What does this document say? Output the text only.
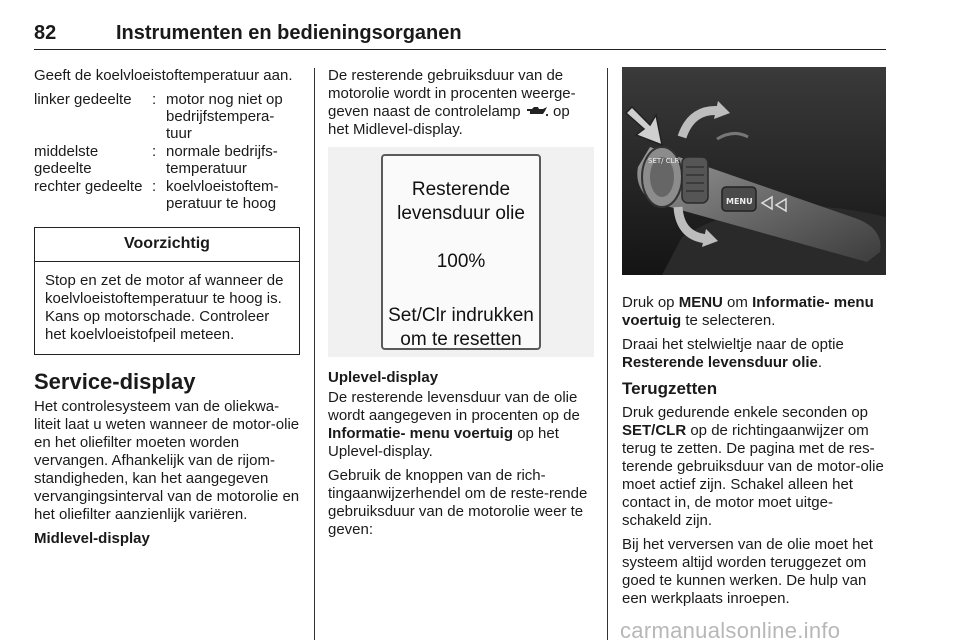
82	Instrumenten en bedieningsorganen

Geeft de koelvloeistoftemperatuur aan.

linker gedeelte	:	motor nog niet op bedrijfstempera-tuur
middelste gedeelte	:	normale bedrijfs-temperatuur
rechter gedeelte	:	koelvloeistoftem-peratuur te hoog
Voorzichtig
Stop en zet de motor af wanneer de koelvloeistoftemperatuur te hoog is. Kans op motorschade. Controleer het koelvloeistofpeil meteen.
Service-display

Het controlesysteem van de oliekwa-liteit laat u weten wanneer de motor-olie en het oliefilter moeten worden vervangen. Afhankelijk van de rijom-standigheden, kan het aangegeven vervangingsinterval van de motorolie en het oliefilter aanzienlijk variëren.

Midlevel-display

De resterende gebruiksduur van de motorolie wordt in procenten weerge-geven naast de controlelamp op het Midlevel-display.

Resterende
levensduur olie
100%
Set/Clr indrukken
om te resetten

Uplevel-display

De resterende levensduur van de olie wordt aangegeven in procenten op de Informatie- menu voertuig op het Uplevel-display.

Gebruik de knoppen van de rich-tingaanwijzerhendel om de reste-rende gebruiksduur van de motorolie weer te geven:

SET/ CLR
MENU

Druk op MENU om Informatie- menu voertuig te selecteren.

Draai het stelwieltje naar de optie Resterende levensduur olie.

Terugzetten

Druk gedurende enkele seconden op SET/CLR op de richtingaanwijzer om terug te zetten. De pagina met de res-terende gebruiksduur van de motor-olie moet actief zijn. Schakel alleen het contact in, de motor moet uitge-schakeld zijn.

Bij het verversen van de olie moet het systeem altijd worden teruggezet om goed te kunnen werken. De hulp van een werkplaats inroepen.

carmanualsonline.info
